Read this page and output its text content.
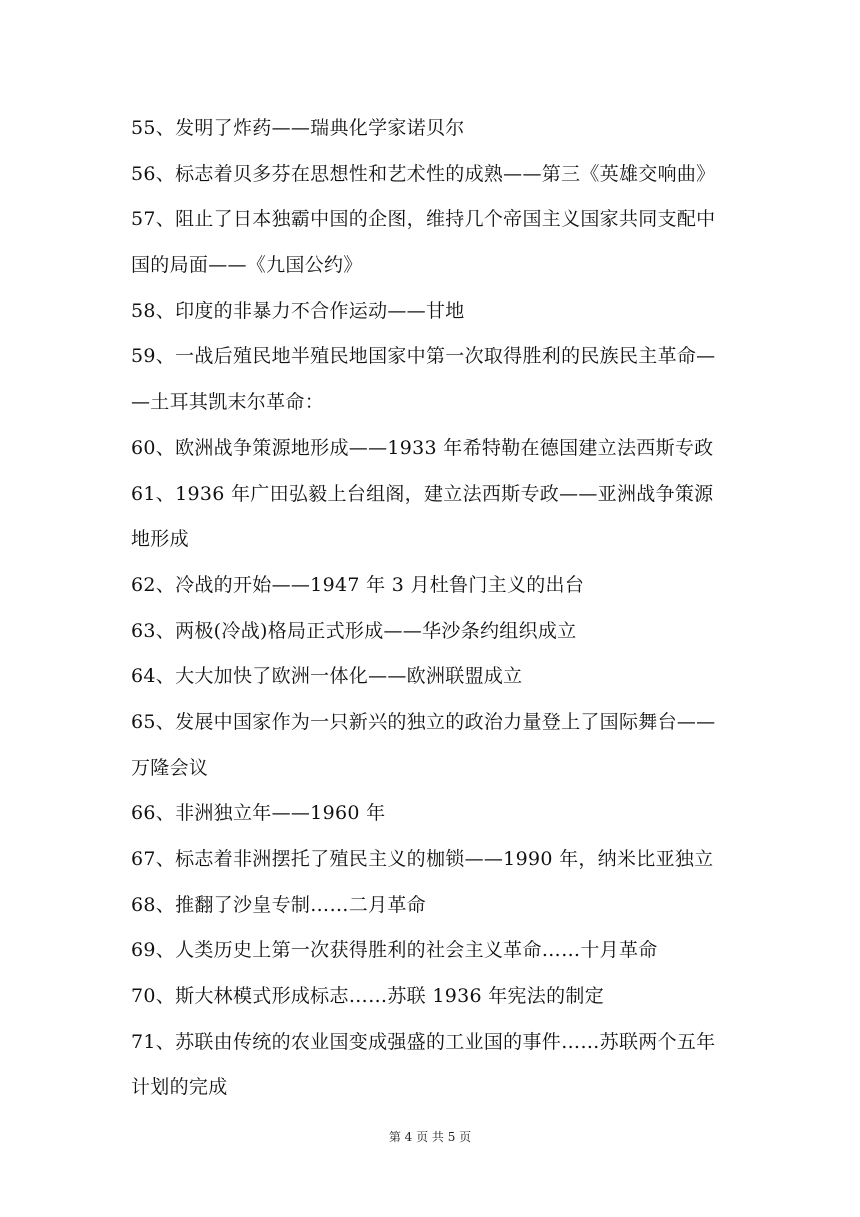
55、发明了炸药——瑞典化学家诺贝尔
56、标志着贝多芬在思想性和艺术性的成熟——第三《英雄交响曲》
57、阻止了日本独霸中国的企图，维持几个帝国主义国家共同支配中
国的局面——《九国公约》
58、印度的非暴力不合作运动——甘地
59、一战后殖民地半殖民地国家中第一次取得胜利的民族民主革命—
—土耳其凯末尔革命：
60、欧洲战争策源地形成——1933 年希特勒在德国建立法西斯专政
61、1936 年广田弘毅上台组阁，建立法西斯专政——亚洲战争策源
地形成
62、冷战的开始——1947 年 3 月杜鲁门主义的出台
63、两极(冷战)格局正式形成——华沙条约组织成立
64、大大加快了欧洲一体化——欧洲联盟成立
65、发展中国家作为一只新兴的独立的政治力量登上了国际舞台——
万隆会议
66、非洲独立年——1960 年
67、标志着非洲摆托了殖民主义的枷锁——1990 年，纳米比亚独立
68、推翻了沙皇专制……二月革命
69、人类历史上第一次获得胜利的社会主义革命……十月革命
70、斯大林模式形成标志……苏联 1936 年宪法的制定
71、苏联由传统的农业国变成强盛的工业国的事件……苏联两个五年
计划的完成
第 4 页 共 5 页
